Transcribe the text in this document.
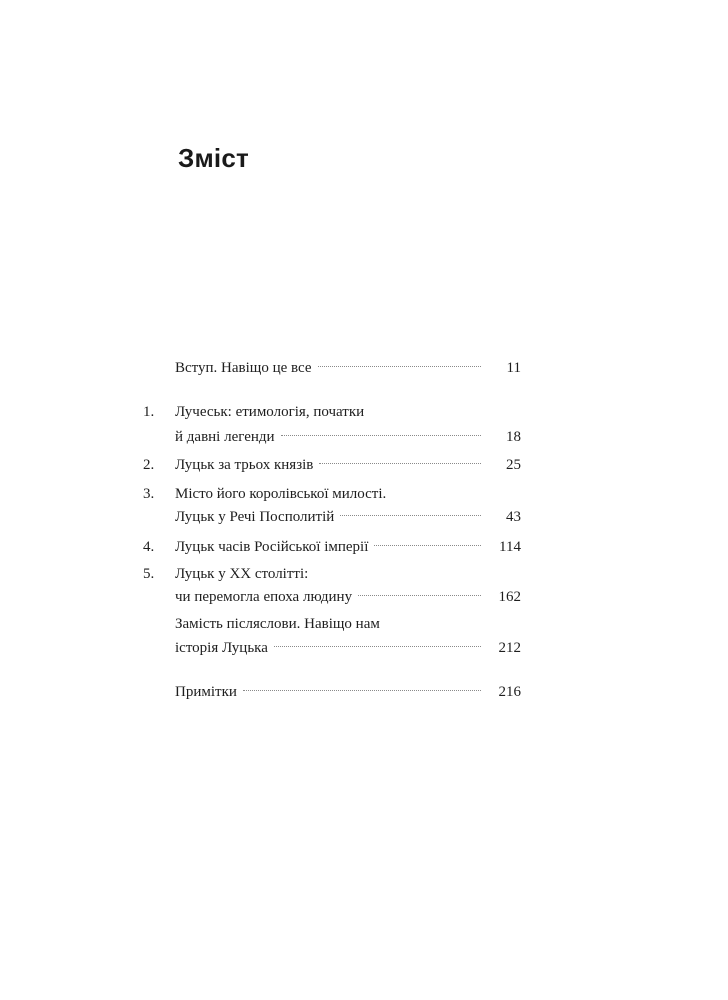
Зміст
Вступ. Навіщо це все	11
1. Лучеськ: етимологія, початки
й давні легенди	18
2. Луцьк за трьох князів	25
3. Місто його королівської милості.
Луцьк у Речі Посполитій	43
4. Луцьк часів Російської імперії	114
5. Луцьк у ХХ столітті:
чи перемогла епоха людину	162
Замість післяслови. Навіщо нам
історія Луцька	212
Примітки	216
